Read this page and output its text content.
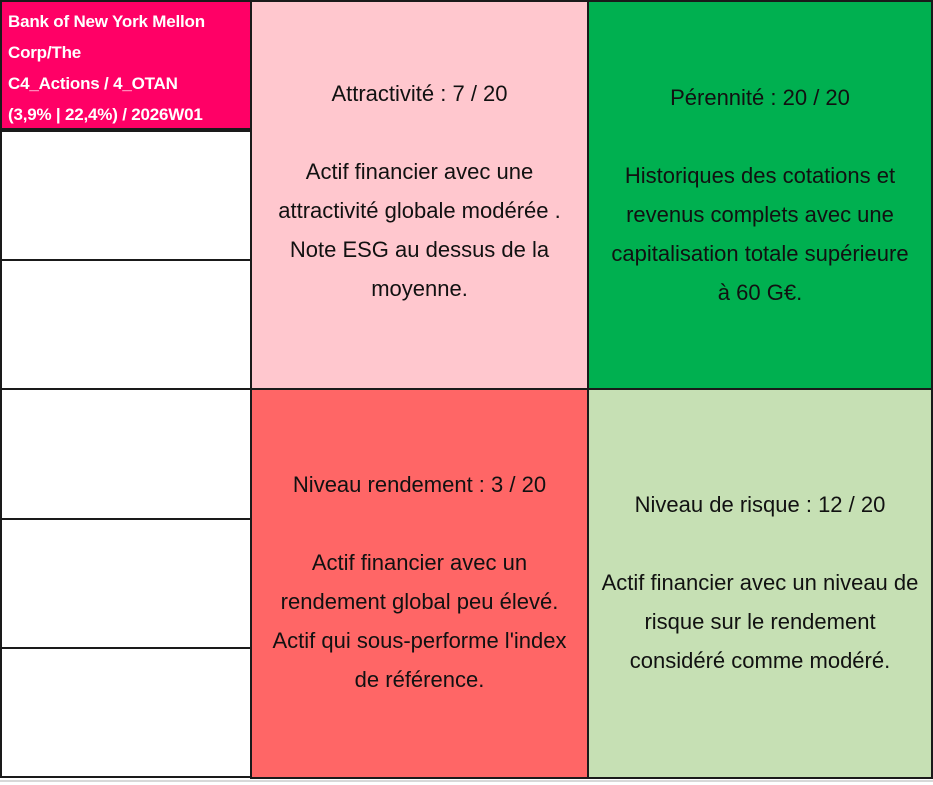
Bank of New York Mellon
Corp/The
C4_Actions / 4_OTAN
(3,9% | 22,4%) / 2026W01
Attractivité : 7 / 20
Actif financier avec une
attractivité globale modérée .
Note ESG au dessus de la
moyenne.
Pérennité : 20 / 20
Historiques des cotations et
revenus complets avec une
capitalisation totale supérieure
à 60 G€.
Niveau rendement : 3 / 20
Actif financier avec un
rendement global peu élevé.
Actif qui sous-performe l'index
de référence.
Niveau de risque : 12 / 20
Actif financier avec un niveau de
risque sur le rendement
considéré comme modéré.
